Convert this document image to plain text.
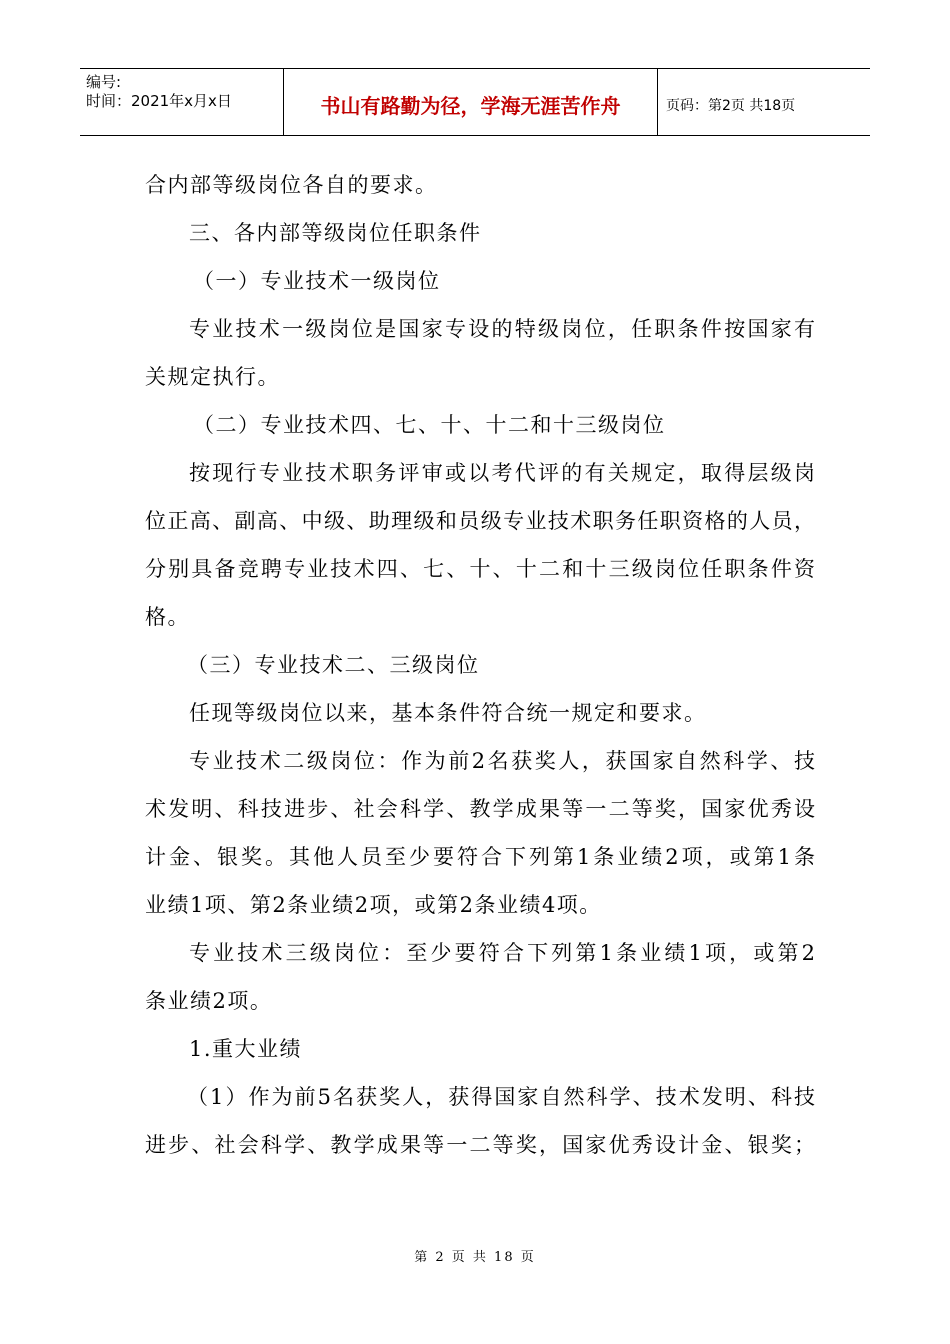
编号:
时间：2021年x月x日	书山有路勤为径，学海无涯苦作舟	页码：第2页 共18页
合内部等级岗位各自的要求。
三、各内部等级岗位任职条件
（一）专业技术一级岗位
专业技术一级岗位是国家专设的特级岗位，任职条件按国家有
关规定执行。
（二）专业技术四、七、十、十二和十三级岗位
按现行专业技术职务评审或以考代评的有关规定，取得层级岗
位正高、副高、中级、助理级和员级专业技术职务任职资格的人员，
分别具备竞聘专业技术四、七、十、十二和十三级岗位任职条件资
格。
（三）专业技术二、三级岗位
任现等级岗位以来，基本条件符合统一规定和要求。
专业技术二级岗位：作为前2名获奖人，获国家自然科学、技
术发明、科技进步、社会科学、教学成果等一二等奖，国家优秀设
计金、银奖。其他人员至少要符合下列第1条业绩2项，或第1条
业绩1项、第2条业绩2项，或第2条业绩4项。
专业技术三级岗位：至少要符合下列第1条业绩1项，或第2
条业绩2项。
1.重大业绩
（1）作为前5名获奖人，获得国家自然科学、技术发明、科技
进步、社会科学、教学成果等一二等奖，国家优秀设计金、银奖；
第 2 页 共 18 页
